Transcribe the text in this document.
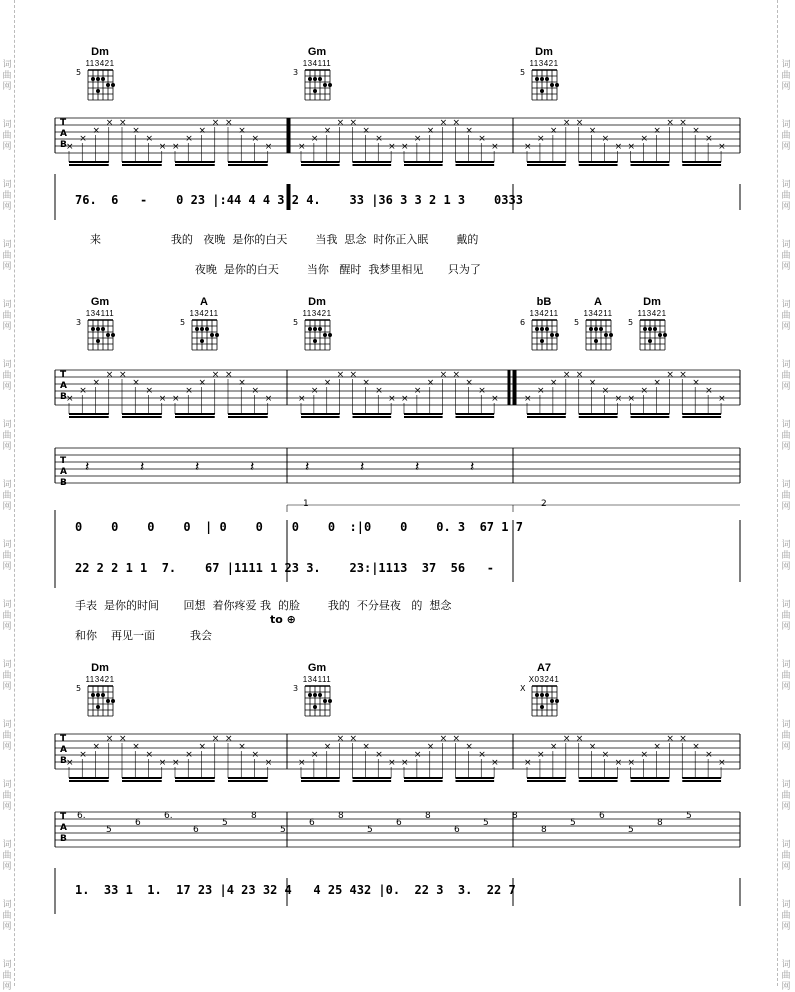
词
曲
网
词
曲
网
词
曲
网
词
曲
网
词
曲
网
词
曲
网
词
曲
网
词
曲
网
词
曲
网
词
曲
网
词
曲
网
词
曲
网
词
曲
网
词
曲
网
词
曲
网
词
曲
网
词
曲
网
词
曲
网
词
曲
网
词
曲
网
词
曲
网
词
曲
网
词
曲
网
词
曲
网
词
曲
网
词
曲
网
词
曲
网
词
曲
网
词
曲
网
词
曲
网
词
曲
网
词
曲
网
Dm
113421
5
Gm
134111
3
Dm
113421
5
×
×
×
× ×
×
×
× ×
×
×
× ×
×
×
×	×
×
×
× ×
×
×
× ×
×
×
× ×
×
×
×	×
×
×
× ×
×
×
× ×
×
×
× ×
×
×
×
T
A
B
76.  6   -    0 23 |:44 4 4 3 2 4.    33 |36 3 3 2 1 3    0333
来                    我的   夜晚  是你的白天        当我  思念  时你正入眠        戴的
夜晚  是你的白天        当你   醒时  我梦里相见       只为了
Gm
134111
3
A
134211
5
Dm
113421
5
bB
134211
6
A
134211
5
Dm
113421
5
×
×
×
× ×
×
×
× ×
×
×
× ×
×
×
×	×
×
×
× ×
×
×
× ×
×
×
× ×
×
×
×	×
×
×
× ×
×
×
× ×
×
×
× ×
×
×
×
𝄽	𝄽	𝄽	𝄽	𝄽	𝄽	𝄽	𝄽
T
A
B
T
A
B
1	2
0    0    0    0  | 0    0    0    0  :|0    0    0. 3  67 1 7
22 2 2 1 1  7.    67 |1111 1 23 3.    23:|1113  37  56   -
手表  是你的时间       回想  着你疼爱 我  的脸        我的  不分昼夜   的  想念
和你    再见一面          我会
to ⊕
Dm
113421
5
Gm
134111
3
A7
X03241
X
×
×
×
× ×
×
×
× ×
×
×
× ×
×
×
×	×
×
×
× ×
×
×
× ×
×
×
× ×
×
×
×	×
×
×
× ×
×
×
× ×
×
×
× ×
×
×
×
6.
5
6
6.
6
5
8
5
6
8
5
6
8
6
5
8
8
5
6
5
8
5
T
A
B
T
A
B
1.  33 1  1.  17 23 |4 23 32 4   4 25 432 |0.  22 3  3.  22 7
